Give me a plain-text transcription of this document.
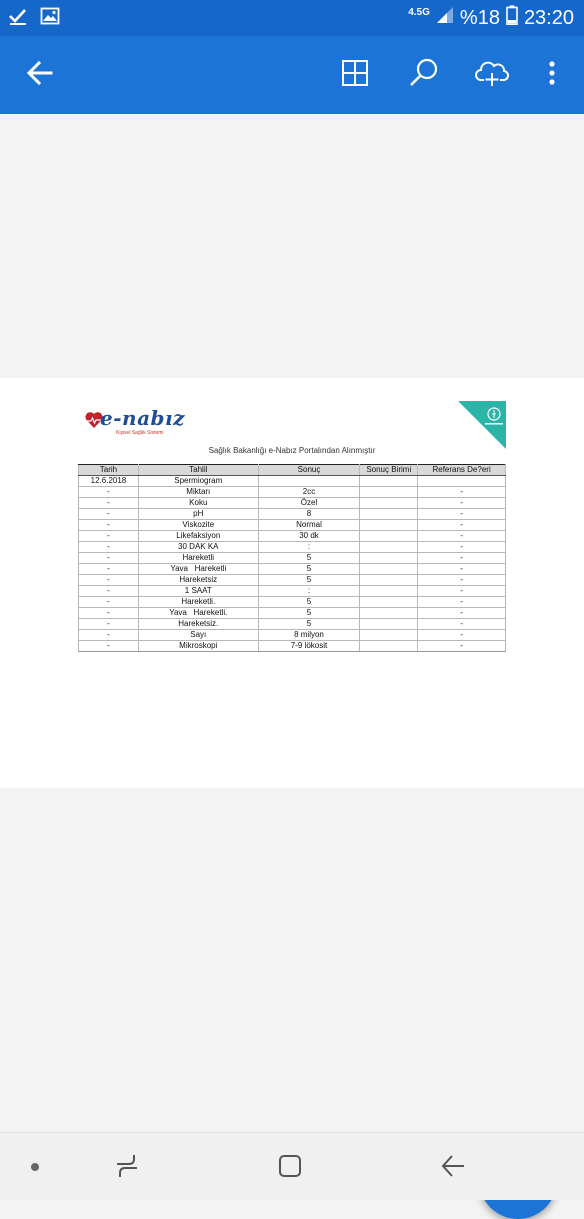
4.5G %18 23:20
e-nabız
Kişisel Sağlık Sistemi
Sağlık Bakanlığı e-Nabız Portalından Alınmıştır
Tarih	Tahlil	Sonuç	Sonuç Birimi	Referans De?eri
12.6.2018	Spermiogram			
-	Miktarı	2cc		-
-	Koku	Özel		-
-	pH	8		-
-	Viskozite	Normal		-
-	Likefaksiyon	30 dk		-
-	30 DAK KA	:		-
-	Hareketli	5		-
-	Yava   Hareketli	5		-
-	Hareketsiz	5		-
-	1 SAAT	:		-
-	Hareketli.	5		-
-	Yava   Hareketli.	5		-
-	Hareketsiz.	5		-
-	Sayı	8 milyon		-
-	Mikroskopi	7-9 lökosit		-
